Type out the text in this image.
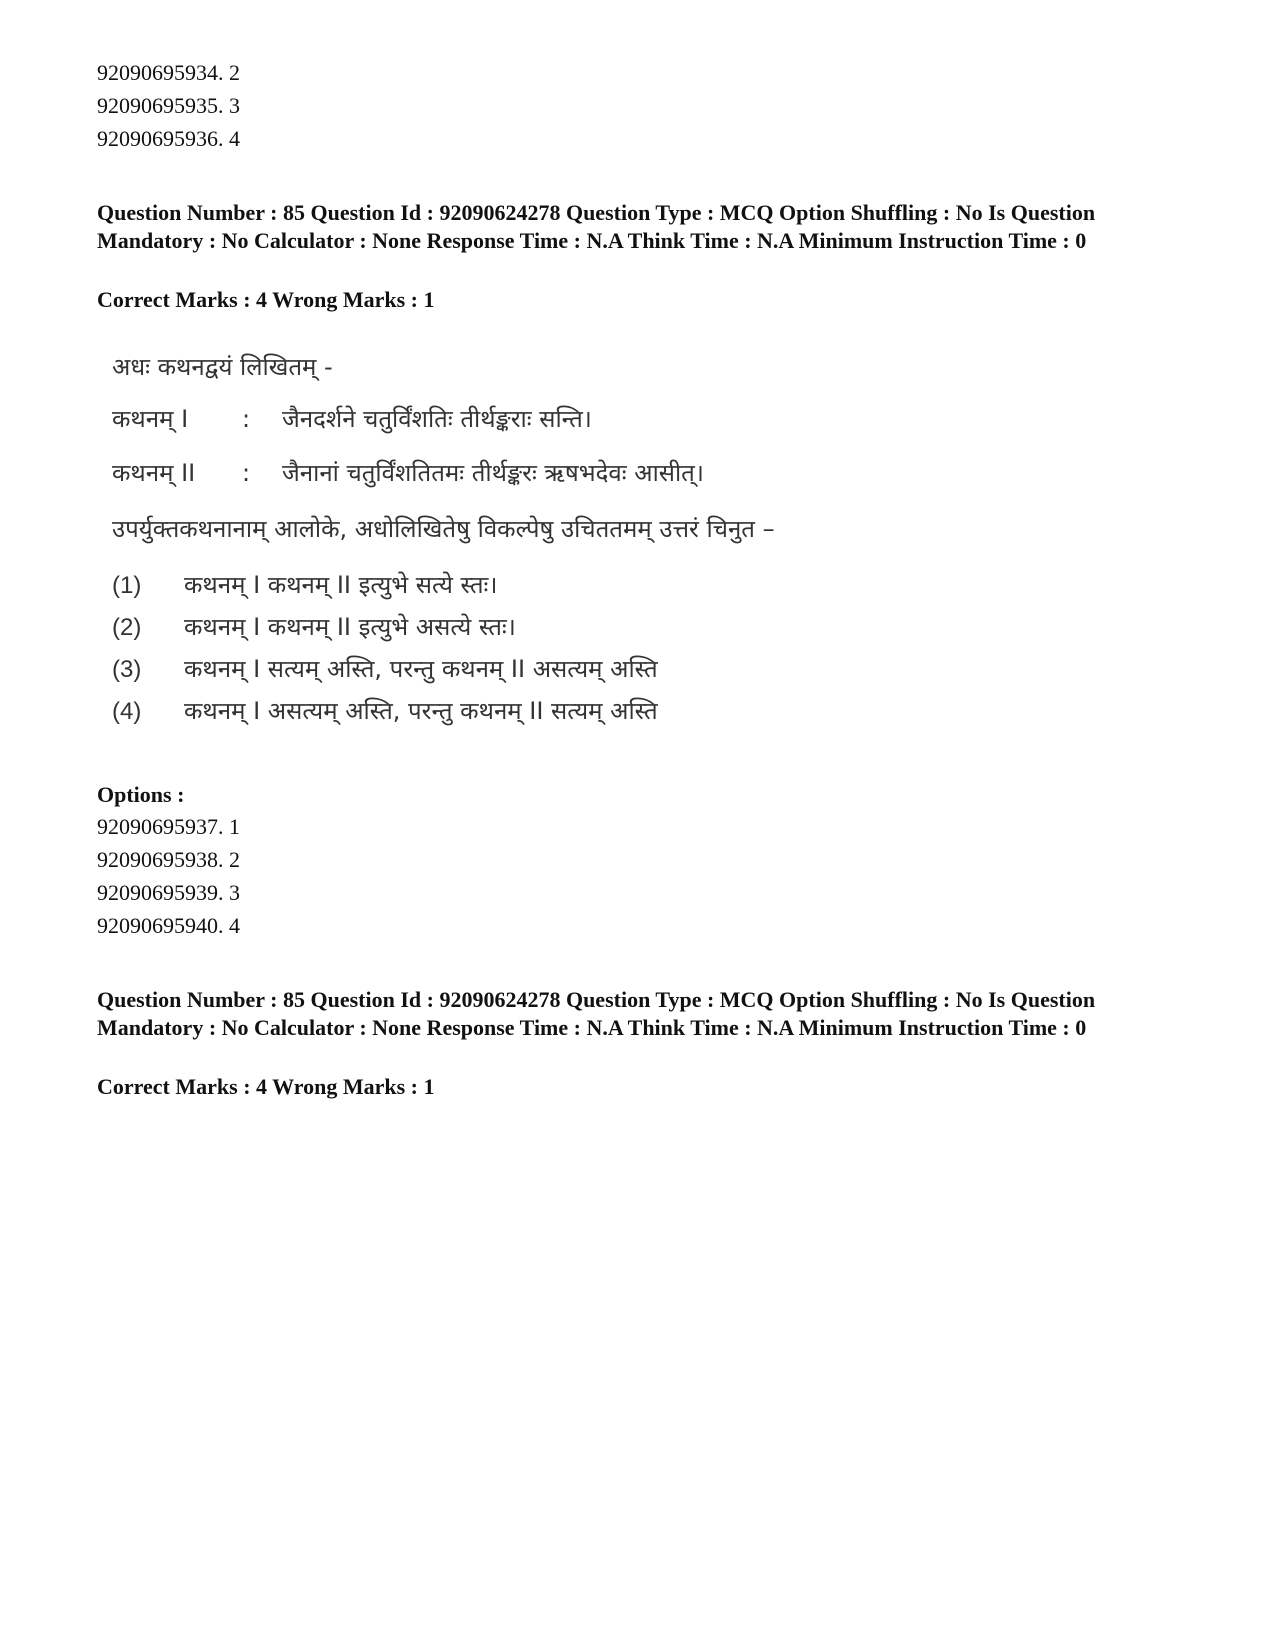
92090695934. 2
92090695935. 3
92090695936. 4
Question Number : 85 Question Id : 92090624278 Question Type : MCQ Option Shuffling : No Is Question Mandatory : No Calculator : None Response Time : N.A Think Time : N.A Minimum Instruction Time : 0
Correct Marks : 4 Wrong Marks : 1
अधः कथनद्वयं लिखितम् -
कथनम् I : जैनदर्शने चतुर्विंशतिः तीर्थङ्कराः सन्ति।
कथनम् II : जैनानां चतुर्विंशतितमः तीर्थङ्करः ऋषभदेवः आसीत्।
उपर्युक्तकथनानाम् आलोके, अधोलिखितेषु विकल्पेषु उचिततमम् उत्तरं चिनुत –
(1) कथनम् I कथनम् II इत्युभे सत्ये स्तः।
(2) कथनम् I कथनम् II इत्युभे असत्ये स्तः।
(3) कथनम् I सत्यम् अस्ति, परन्तु कथनम् II असत्यम् अस्ति
(4) कथनम् I असत्यम् अस्ति, परन्तु कथनम् II सत्यम् अस्ति
Options :
92090695937. 1
92090695938. 2
92090695939. 3
92090695940. 4
Question Number : 85 Question Id : 92090624278 Question Type : MCQ Option Shuffling : No Is Question Mandatory : No Calculator : None Response Time : N.A Think Time : N.A Minimum Instruction Time : 0
Correct Marks : 4 Wrong Marks : 1
